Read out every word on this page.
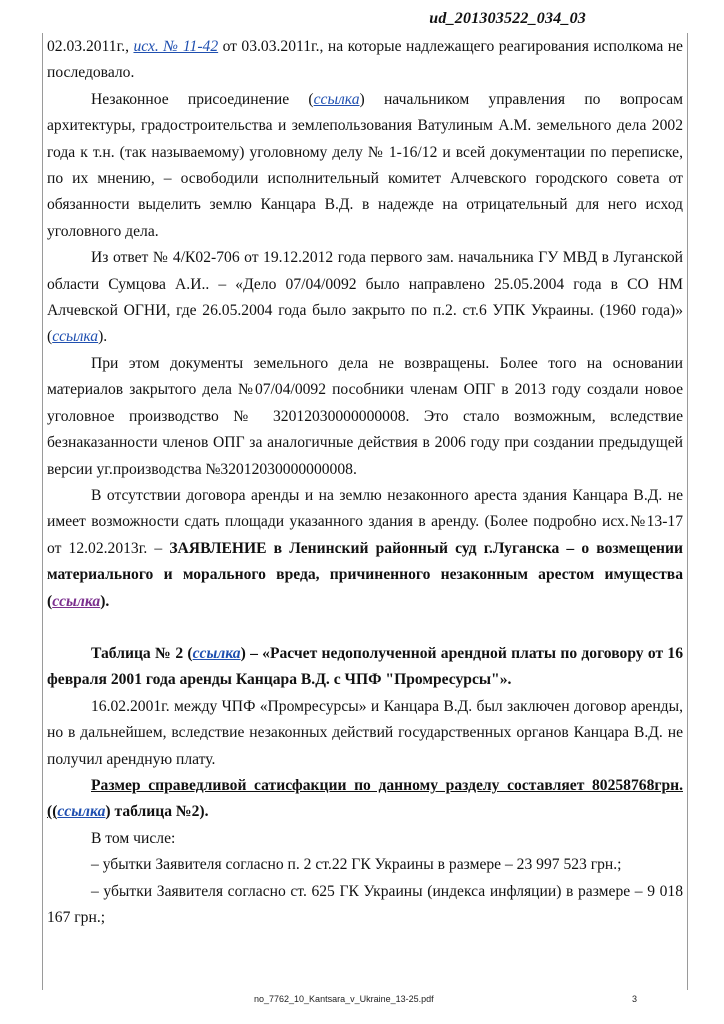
ud_201303522_034_03

02.03.2011г., исх. № 11-42 от 03.03.2011г., на которые надлежащего реагирования исполкома не последовало.

Незаконное присоединение (ссылка) начальником управления по вопросам архитектуры, градостроительства и землепользования Ватулиным А.М. земельного дела 2002 года к т.н. (так называемому) уголовному делу № 1-16/12 и всей документации по переписке, по их мнению, – освободили исполнительный комитет Алчевского городского совета от обязанности выделить землю Канцара В.Д. в надежде на отрицательный для него исход уголовного дела.

Из ответ № 4/К02-706 от 19.12.2012 года первого зам. начальника ГУ МВД в Луганской области Сумцова А.И.. – «Дело 07/04/0092 было направлено 25.05.2004 года в СО НМ Алчевской ОГНИ, где 26.05.2004 года было закрыто по п.2. ст.6 УПК Украины. (1960 года)» (ссылка).

При этом документы земельного дела не возвращены. Более того на основании материалов закрытого дела №07/04/0092 пособники членам ОПГ в 2013 году создали новое уголовное производство № 32012030000000008. Это стало возможным, вследствие безнаказанности членов ОПГ за аналогичные действия в 2006 году при создании предыдущей версии уг.производства №32012030000000008.

В отсутствии договора аренды и на землю незаконного ареста здания Канцара В.Д. не имеет возможности сдать площади указанного здания в аренду. (Более подробно исх.№13-17 от 12.02.2013г. – ЗАЯВЛЕНИЕ в Ленинский районный суд г.Луганска – о возмещении материального и морального вреда, причиненного незаконным арестом имущества (ссылка).

Таблица № 2 (ссылка) – «Расчет недополученной арендной платы по договору от 16 февраля 2001 года аренды Канцара В.Д. с ЧПФ "Промресурсы"».

16.02.2001г. между ЧПФ «Промресурсы» и Канцара В.Д. был заключен договор аренды, но в дальнейшем, вследствие незаконных действий государственных органов Канцара В.Д. не получил арендную плату.

Размер справедливой сатисфакции по данному разделу составляет 80258768грн. ((ссылка) таблица №2).

В том числе:

– убытки Заявителя согласно п. 2 ст.22 ГК Украины в размере – 23 997 523 грн.;

– убытки Заявителя согласно ст. 625 ГК Украины (индекса инфляции) в размере – 9 018 167 грн.;

no_7762_10_Kantsara_v_Ukraine_13-25.pdf	3
